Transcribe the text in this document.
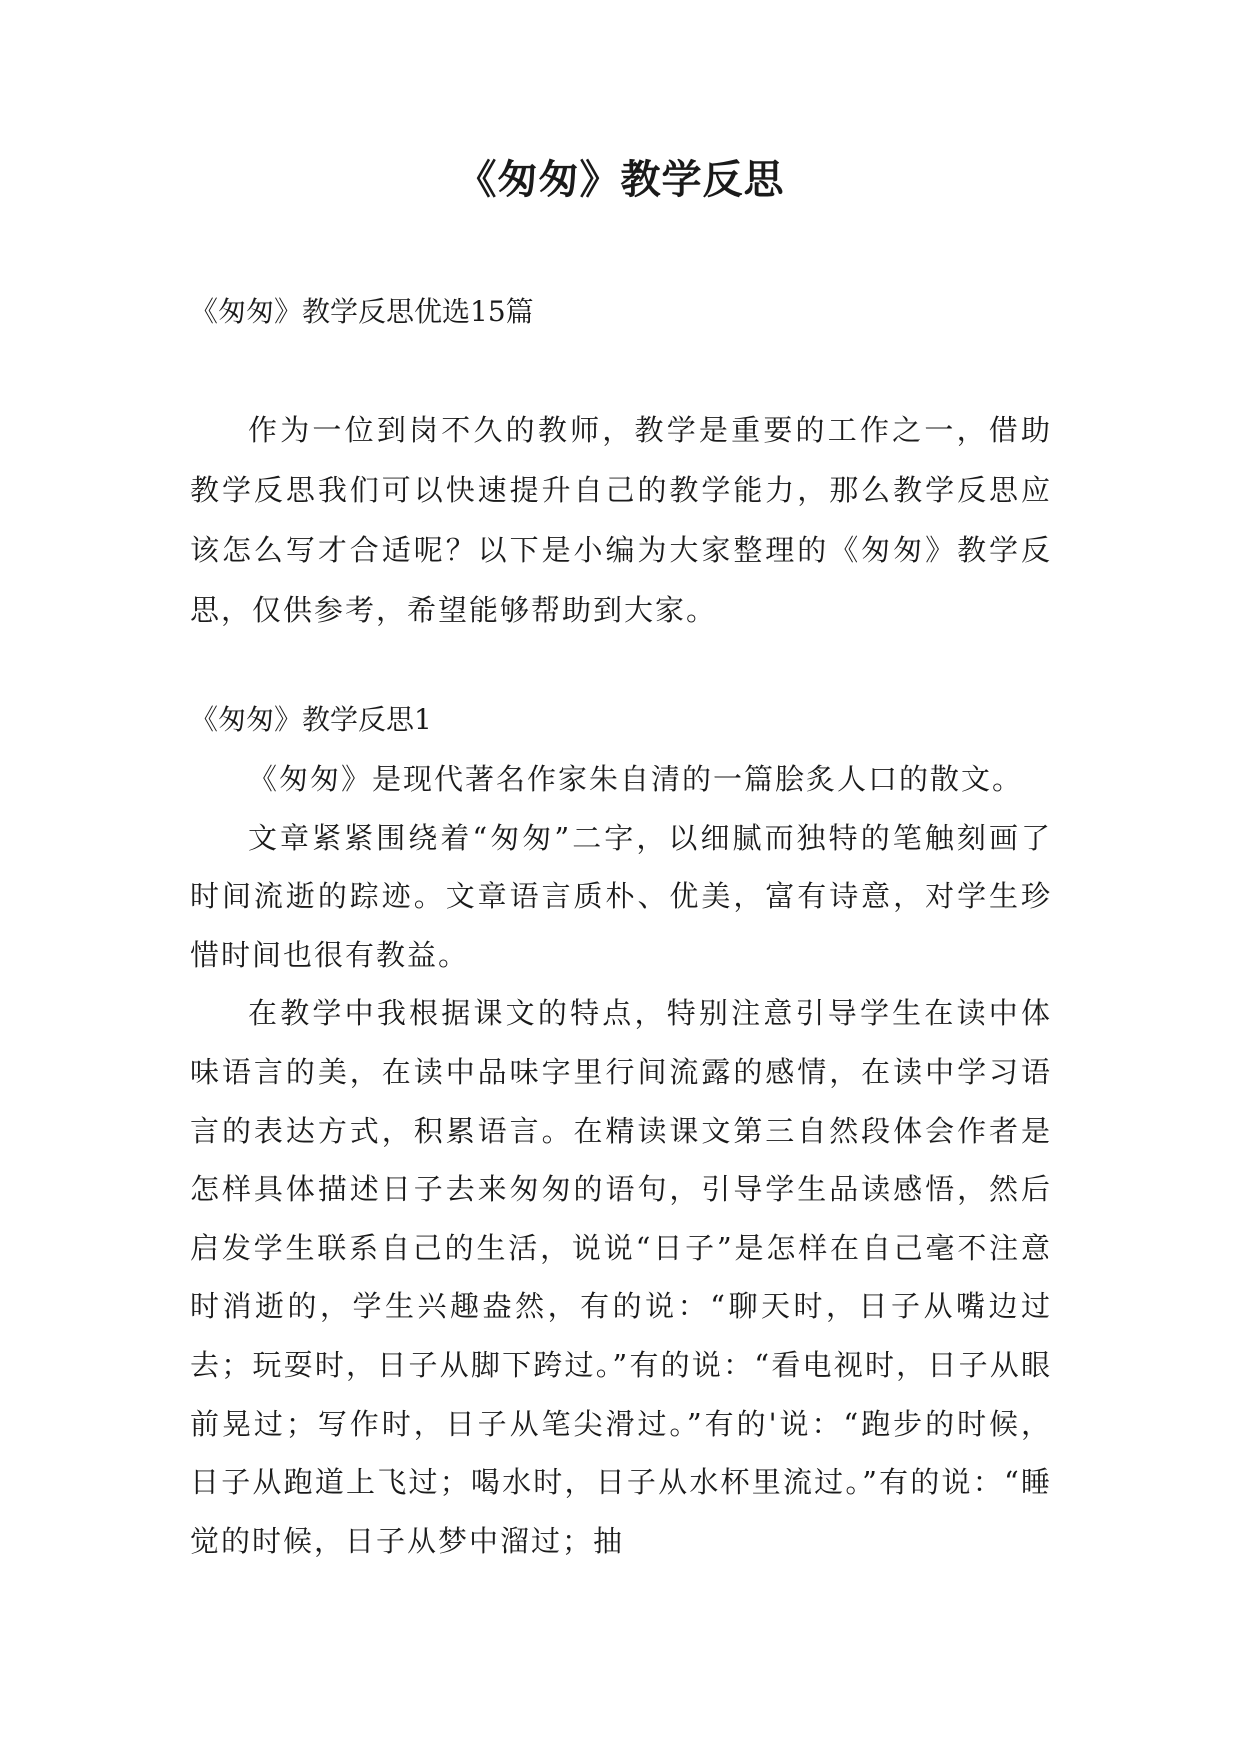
《匆匆》教学反思

《匆匆》教学反思优选15篇

作为一位到岗不久的教师，教学是重要的工作之一，借助教学反思我们可以快速提升自己的教学能力，那么教学反思应该怎么写才合适呢？以下是小编为大家整理的《匆匆》教学反思，仅供参考，希望能够帮助到大家。

《匆匆》教学反思1

《匆匆》是现代著名作家朱自清的一篇脍炙人口的散文。

文章紧紧围绕着“匆匆”二字，以细腻而独特的笔触刻画了时间流逝的踪迹。文章语言质朴、优美，富有诗意，对学生珍惜时间也很有教益。

在教学中我根据课文的特点，特别注意引导学生在读中体味语言的美，在读中品味字里行间流露的感情，在读中学习语言的表达方式，积累语言。在精读课文第三自然段体会作者是怎样具体描述日子去来匆匆的语句，引导学生品读感悟，然后启发学生联系自己的生活，说说“日子”是怎样在自己毫不注意时消逝的，学生兴趣盎然，有的说：“聊天时，日子从嘴边过去；玩耍时，日子从脚下跨过。”有的说：“看电视时，日子从眼前晃过；写作时，日子从笔尖滑过。”有的'说：“跑步的时候，日子从跑道上飞过；喝水时，日子从水杯里流过。”有的说：“睡觉的时候，日子从梦中溜过；抽
